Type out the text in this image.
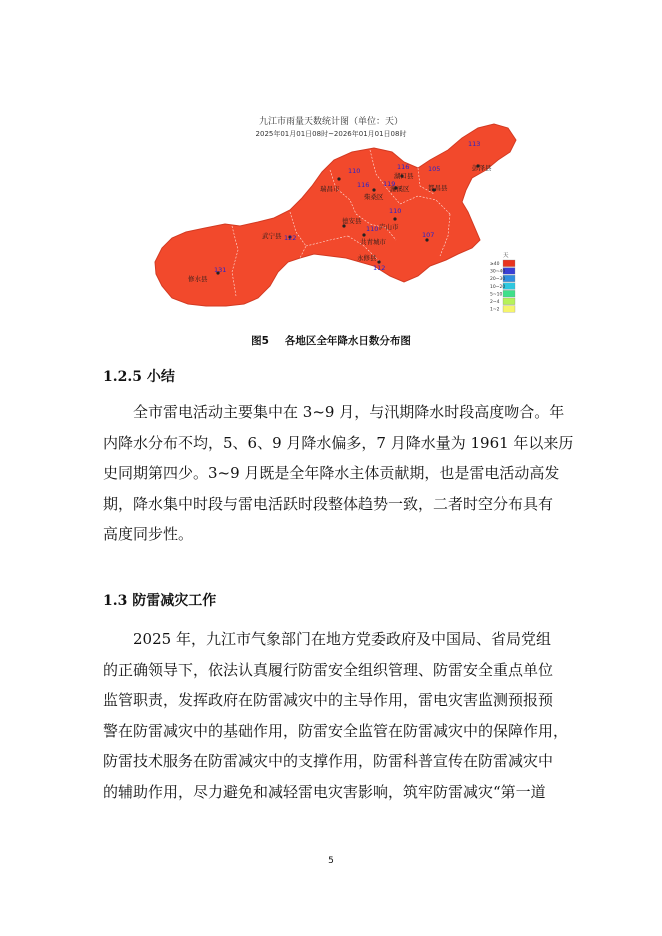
九江市雨量天数统计图（单位：天）
2025年01月01日08时~2026年01月01日08时
110
瑞昌市	116
柴桑区
116
湖口县
119
濂溪区
113
彭泽县
德安县
110
庐山市
105
都昌县
110
共青城市
122
武宁县
131
修水县
112
永修县
107
天
≥40
30~40
20~30
10~20
5~10
2~4
1~2
图5 各地区全年降水日数分布图
1.2.5 小结
全市雷电活动主要集中在 3~9 月，与汛期降水时段高度吻合。年
内降水分布不均，5、6、9 月降水偏多，7 月降水量为 1961 年以来历
史同期第四少。3~9 月既是全年降水主体贡献期，也是雷电活动高发
期，降水集中时段与雷电活跃时段整体趋势一致，二者时空分布具有
高度同步性。
1.3 防雷减灾工作
2025 年，九江市气象部门在地方党委政府及中国局、省局党组
的正确领导下，依法认真履行防雷安全组织管理、防雷安全重点单位
监管职责，发挥政府在防雷减灾中的主导作用，雷电灾害监测预报预
警在防雷减灾中的基础作用，防雷安全监管在防雷减灾中的保障作用，
防雷技术服务在防雷减灾中的支撑作用，防雷科普宣传在防雷减灾中
的辅助作用，尽力避免和减轻雷电灾害影响，筑牢防雷减灾“第一道
5
